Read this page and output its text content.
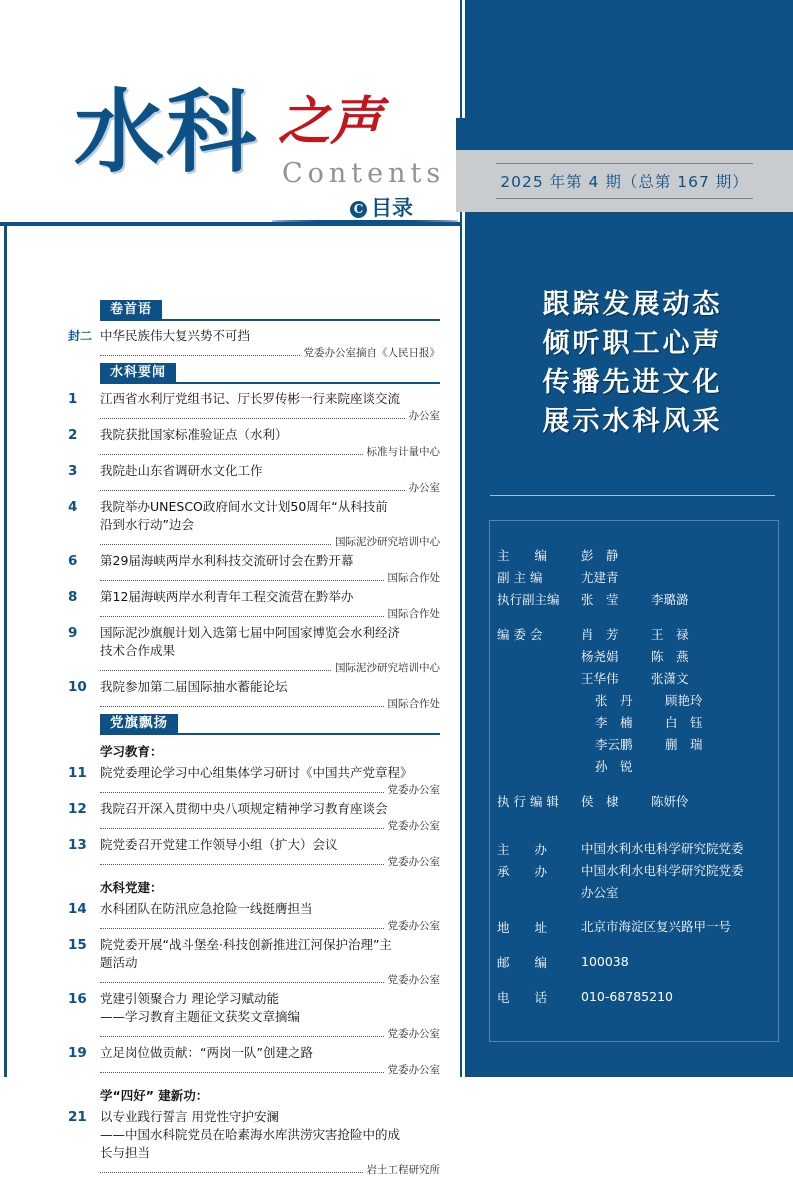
水科 之声
Contents
C 目录
2025 年第 4 期（总第 167 期）
跟踪发展动态
倾听职工心声
传播先进文化
展示水科风采
主　　编	彭　静
副 主 编	尤建青
执行副主编	张　莹	李璐潞
编 委 会	肖　芳	王　禄
杨尧娟	陈　燕
王华伟	张潇文
张　丹	顾艳玲
李　楠	白　钰
李云鹏	蒯　瑞
孙　锐
执 行 编 辑	侯　棣	陈妍伶
主　　办	中国水利水电科学研究院党委
承　　办	中国水利水电科学研究院党委
办公室
地　　址	北京市海淀区复兴路甲一号
邮　　编	100038
电　　话	010-68785210
卷首语
封二 中华民族伟大复兴势不可挡
党委办公室摘自《人民日报》
水科要闻
1	江西省水利厅党组书记、厅长罗传彬一行来院座谈交流
办公室
2	我院获批国家标准验证点（水利）
标准与计量中心
3	我院赴山东省调研水文化工作
办公室
4	我院举办UNESCO政府间水文计划50周年“从科技前
沿到水行动”边会
国际泥沙研究培训中心
6	第29届海峡两岸水利科技交流研讨会在黔开幕
国际合作处
8	第12届海峡两岸水利青年工程交流营在黔举办
国际合作处
9	国际泥沙旗舰计划入选第七届中阿国家博览会水利经济
技术合作成果
国际泥沙研究培训中心
10	我院参加第二届国际抽水蓄能论坛
国际合作处
党旗飘扬
学习教育：
11	院党委理论学习中心组集体学习研讨《中国共产党章程》
党委办公室
12	我院召开深入贯彻中央八项规定精神学习教育座谈会
党委办公室
13	院党委召开党建工作领导小组（扩大）会议
党委办公室
水科党建：
14	水科团队在防汛应急抢险一线挺膺担当
党委办公室
15	院党委开展“战斗堡垒·科技创新推进江河保护治理”主
题活动
党委办公室
16	党建引领聚合力 理论学习赋动能
——学习教育主题征文获奖文章摘编
党委办公室
19	立足岗位做贡献：“两岗一队”创建之路
党委办公室
学“四好” 建新功：
21	以专业践行誓言 用党性守护安澜
——中国水科院党员在哈素海水库洪涝灾害抢险中的成
长与担当
岩土工程研究所
